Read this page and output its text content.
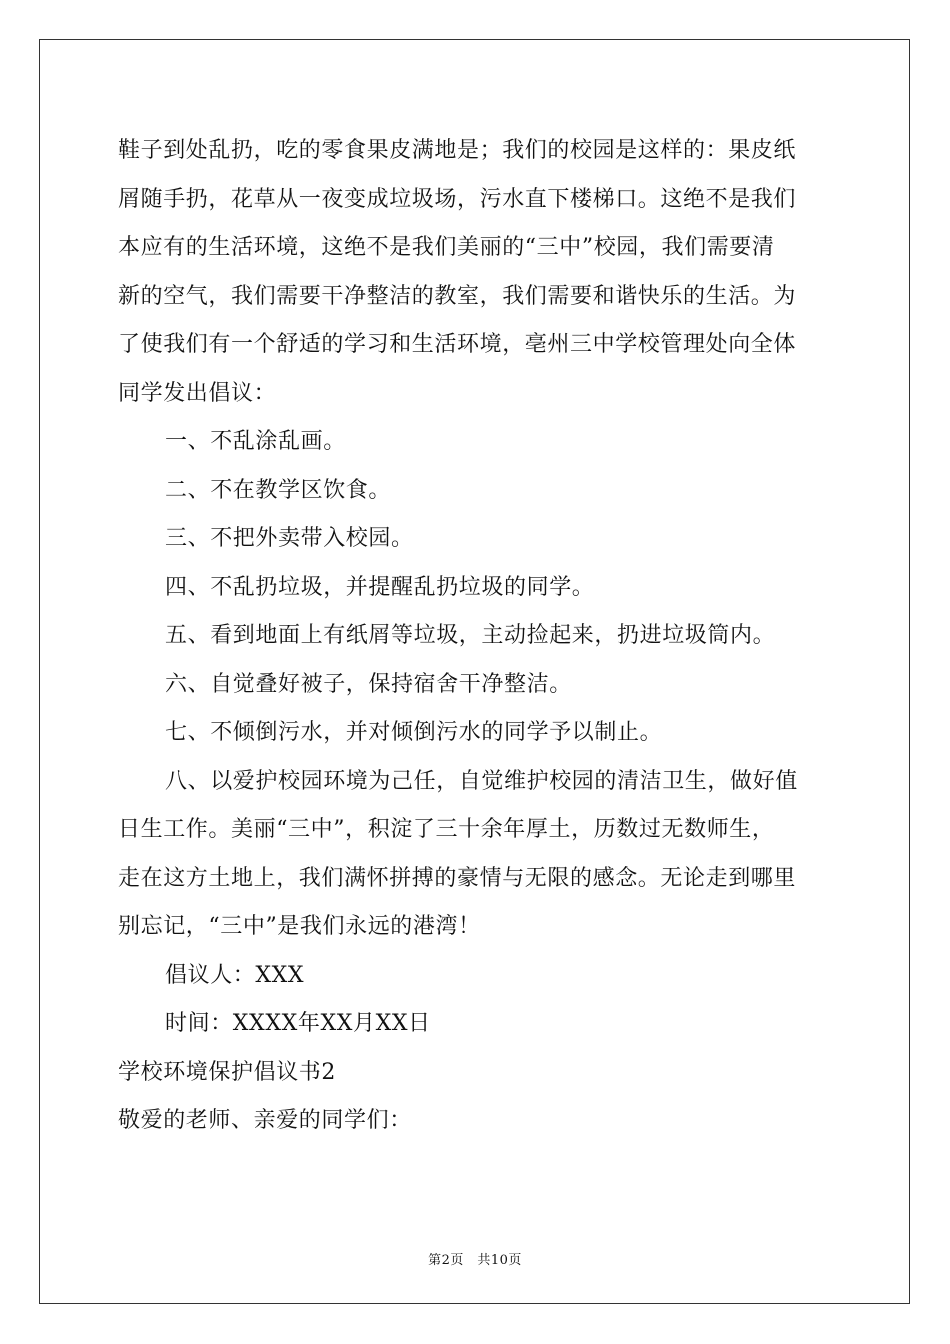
鞋子到处乱扔，吃的零食果皮满地是；我们的校园是这样的：果皮纸
屑随手扔，花草从一夜变成垃圾场，污水直下楼梯口。这绝不是我们
本应有的生活环境，这绝不是我们美丽的“三中”校园，我们需要清
新的空气，我们需要干净整洁的教室，我们需要和谐快乐的生活。为
了使我们有一个舒适的学习和生活环境，亳州三中学校管理处向全体
同学发出倡议：
一、不乱涂乱画。
二、不在教学区饮食。
三、不把外卖带入校园。
四、不乱扔垃圾，并提醒乱扔垃圾的同学。
五、看到地面上有纸屑等垃圾，主动捡起来，扔进垃圾筒内。
六、自觉叠好被子，保持宿舍干净整洁。
七、不倾倒污水，并对倾倒污水的同学予以制止。
八、以爱护校园环境为己任，自觉维护校园的清洁卫生，做好值
日生工作。美丽“三中”，积淀了三十余年厚土，历数过无数师生，
走在这方土地上，我们满怀拼搏的豪情与无限的感念。无论走到哪里
别忘记，“三中”是我们永远的港湾！
倡议人：XXX
时间：XXXX年XX月XX日
学校环境保护倡议书2
敬爱的老师、亲爱的同学们：
第2页　共10页
